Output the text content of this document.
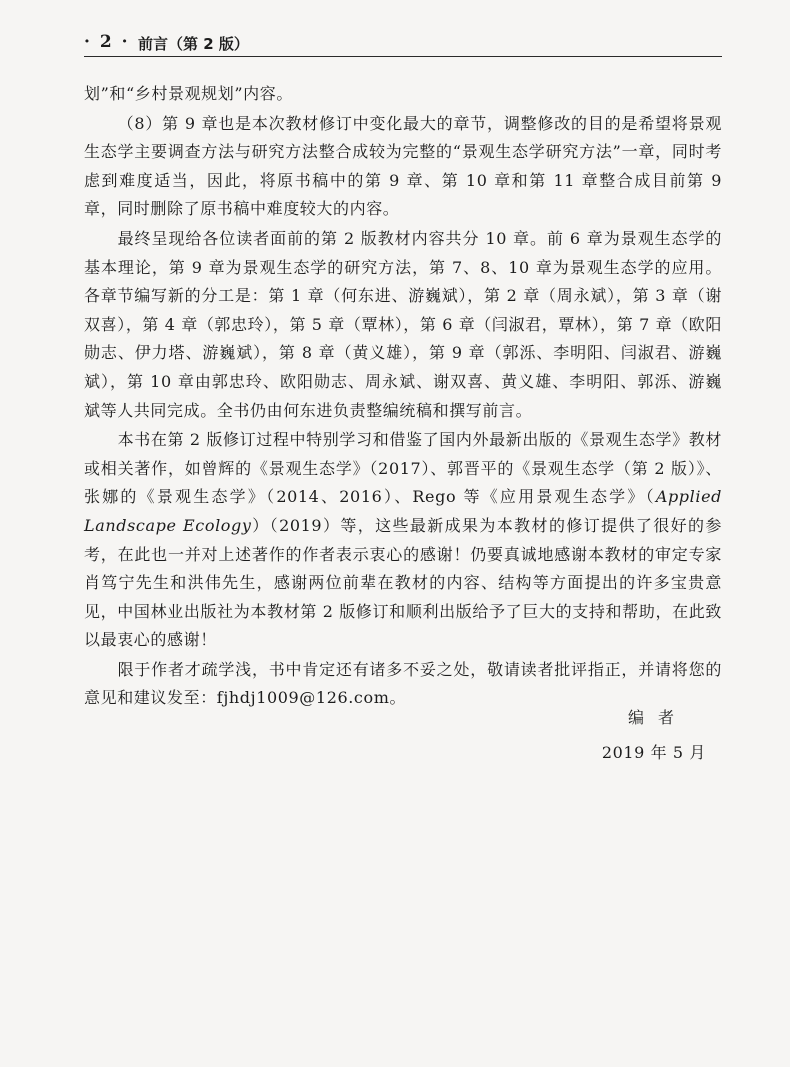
· 2 · 前言（第 2 版）

划”和“乡村景观规划”内容。

（8）第 9 章也是本次教材修订中变化最大的章节，调整修改的目的是希望将景观生态学主要调查方法与研究方法整合成较为完整的“景观生态学研究方法”一章，同时考虑到难度适当，因此，将原书稿中的第 9 章、第 10 章和第 11 章整合成目前第 9 章，同时删除了原书稿中难度较大的内容。

最终呈现给各位读者面前的第 2 版教材内容共分 10 章。前 6 章为景观生态学的基本理论，第 9 章为景观生态学的研究方法，第 7、8、10 章为景观生态学的应用。各章节编写新的分工是：第 1 章（何东进、游巍斌），第 2 章（周永斌），第 3 章（谢双喜），第 4 章（郭忠玲），第 5 章（覃林），第 6 章（闫淑君，覃林），第 7 章（欧阳勋志、伊力塔、游巍斌），第 8 章（黄义雄），第 9 章（郭泺、李明阳、闫淑君、游巍斌），第 10 章由郭忠玲、欧阳勋志、周永斌、谢双喜、黄义雄、李明阳、郭泺、游巍斌等人共同完成。全书仍由何东进负责整编统稿和撰写前言。

本书在第 2 版修订过程中特别学习和借鉴了国内外最新出版的《景观生态学》教材或相关著作，如曾辉的《景观生态学》（2017）、郭晋平的《景观生态学（第 2 版）》、张娜的《景观生态学》（2014、2016）、Rego 等《应用景观生态学》（Applied Landscape Ecology）（2019）等，这些最新成果为本教材的修订提供了很好的参考，在此也一并对上述著作的作者表示衷心的感谢！仍要真诚地感谢本教材的审定专家肖笃宁先生和洪伟先生，感谢两位前辈在教材的内容、结构等方面提出的许多宝贵意见，中国林业出版社为本教材第 2 版修订和顺利出版给予了巨大的支持和帮助，在此致以最衷心的感谢！

限于作者才疏学浅，书中肯定还有诸多不妥之处，敬请读者批评指正，并请将您的意见和建议发至：fjhdj1009@126.com。

编者
2019 年 5 月
